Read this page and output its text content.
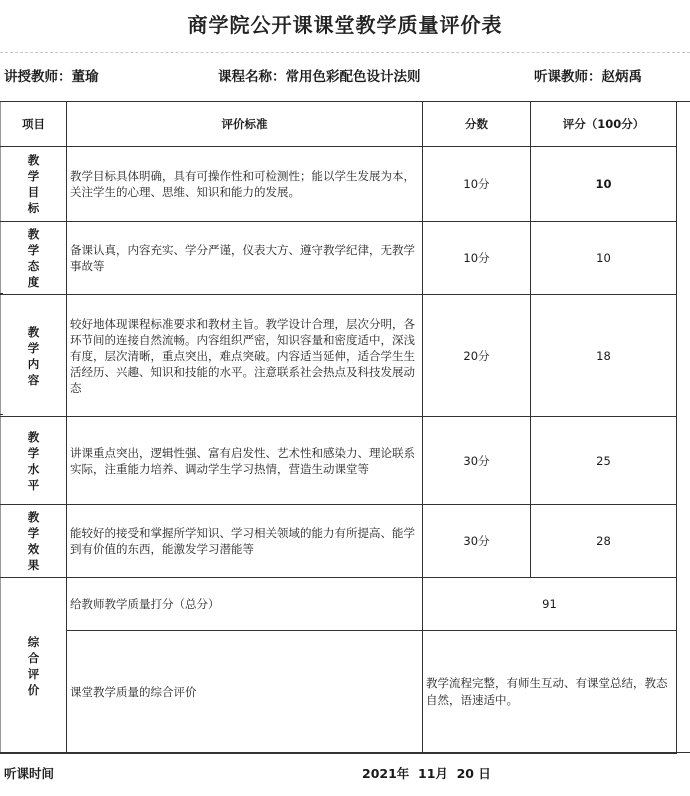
商学院公开课课堂教学质量评价表
讲授教师：董瑜	课程名称：常用色彩配色设计法则	听课教师：赵炳禹
项目	评价标准	分数	评分（100分）

教
学
目
标	教学目标具体明确，具有可操作性和可检测性；能以学生发展为本，关注学生的心理、思维、知识和能力的发展。	10分	10

教
学
态
度	备课认真，内容充实、学分严谨，仪表大方、遵守教学纪律，无教学事故等	10分	10

教
学
内
容	较好地体现课程标准要求和教材主旨。教学设计合理，层次分明，各环节间的连接自然流畅。内容组织严密，知识容量和密度适中，深浅有度，层次清晰，重点突出，难点突破。内容适当延伸，适合学生生活经历、兴趣、知识和技能的水平。注意联系社会热点及科技发展动态	20分	18

教
学
水
平	讲课重点突出，逻辑性强、富有启发性、艺术性和感染力、理论联系实际，注重能力培养、调动学生学习热情，营造生动课堂等	30分	25

教
学
效
果	能较好的接受和掌握所学知识、学习相关领域的能力有所提高、能学到有价值的东西，能激发学习潜能等	30分	28

综
合
评
价	给教师教学质量打分（总分）	91	
	课堂教学质量的综合评价	教学流程完整，有师生互动、有课堂总结，教态自然，语速适中。	
听课时间	2021年  11月  20 日
